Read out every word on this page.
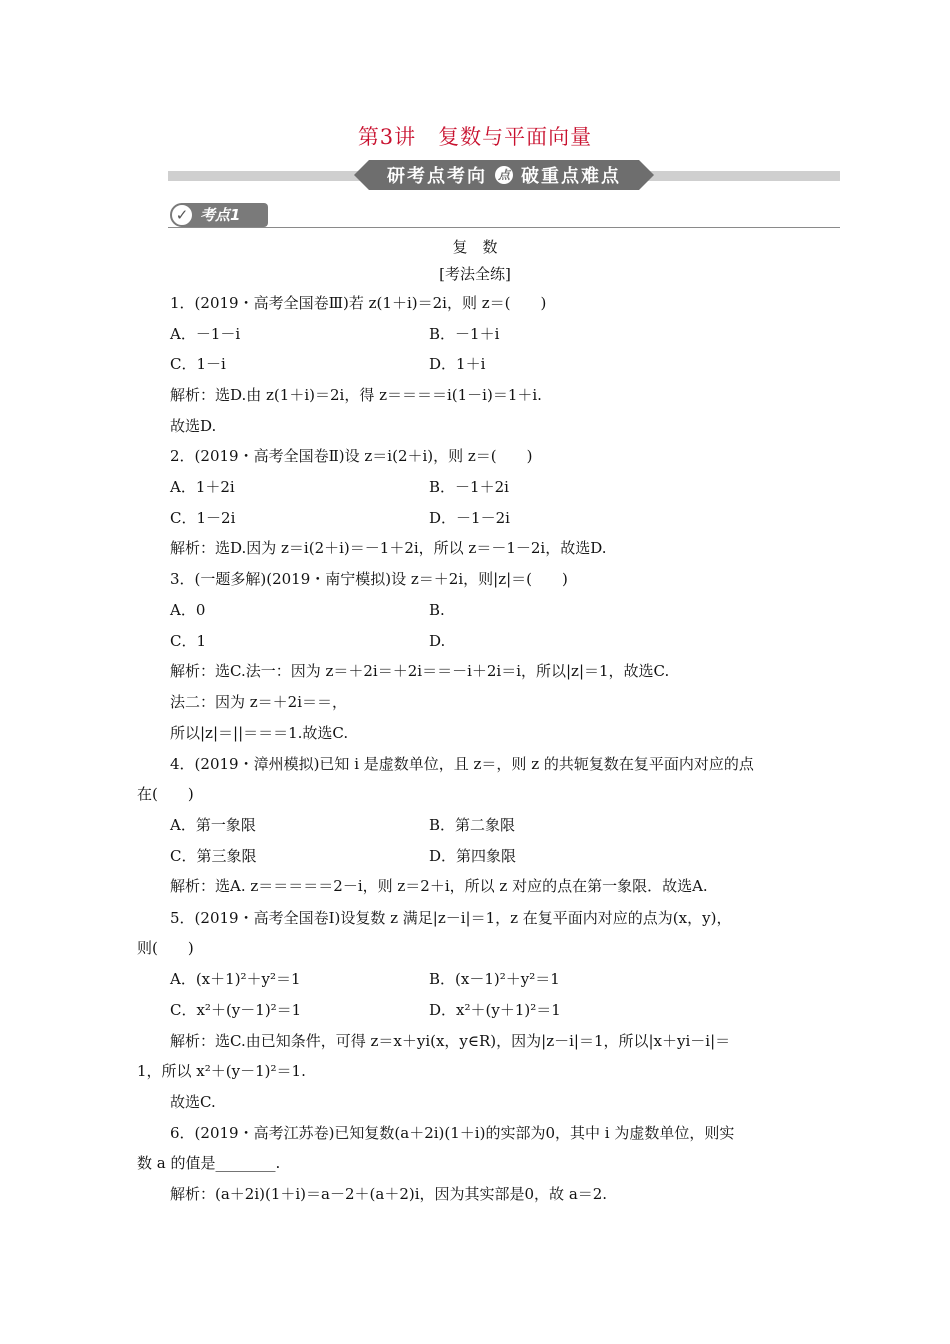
第3讲　复数与平面向量
研考点考向 点 破重点难点
✓ 考点1
复　数
[考法全练]
1．(2019・高考全国卷Ⅲ)若 z(1＋i)＝2i，则 z＝(　　)
A．－1－i	B．－1＋i
C．1－i	D．1＋i
解析：选D.由 z(1＋i)＝2i，得 z＝＝＝＝i(1－i)＝1＋i.
故选D.
2．(2019・高考全国卷Ⅱ)设 z＝i(2＋i)，则 z＝(　　)
A．1＋2i	B．－1＋2i
C．1－2i	D．－1－2i
解析：选D.因为 z＝i(2＋i)＝－1＋2i，所以 z＝－1－2i，故选D.
3．(一题多解)(2019・南宁模拟)设 z＝＋2i，则|z|＝(　　)
A．0	B.
C．1	D.
解析：选C.法一：因为 z＝＋2i＝＋2i＝＝－i＋2i＝i，所以|z|＝1，故选C.
法二：因为 z＝＋2i＝＝，
所以|z|＝||＝＝＝1.故选C.
4．(2019・漳州模拟)已知 i 是虚数单位，且 z＝，则 z 的共轭复数在复平面内对应的点
在(　　)
A．第一象限	B．第二象限
C．第三象限	D．第四象限
解析：选A. z＝＝＝＝＝2－i，则 z＝2＋i，所以 z 对应的点在第一象限．故选A.
5．(2019・高考全国卷Ⅰ)设复数 z 满足|z－i|＝1，z 在复平面内对应的点为(x，y)，
则(　　)
A．(x＋1)²＋y²＝1	B．(x－1)²＋y²＝1
C．x²＋(y－1)²＝1	D．x²＋(y＋1)²＝1
解析：选C.由已知条件，可得 z＝x＋yi(x，y∈R)，因为|z－i|＝1，所以|x＋yi－i|＝
1，所以 x²＋(y－1)²＝1.
故选C.
6．(2019・高考江苏卷)已知复数(a＋2i)(1＋i)的实部为0，其中 i 为虚数单位，则实
数 a 的值是________.
解析：(a＋2i)(1＋i)＝a－2＋(a＋2)i，因为其实部是0，故 a＝2.
